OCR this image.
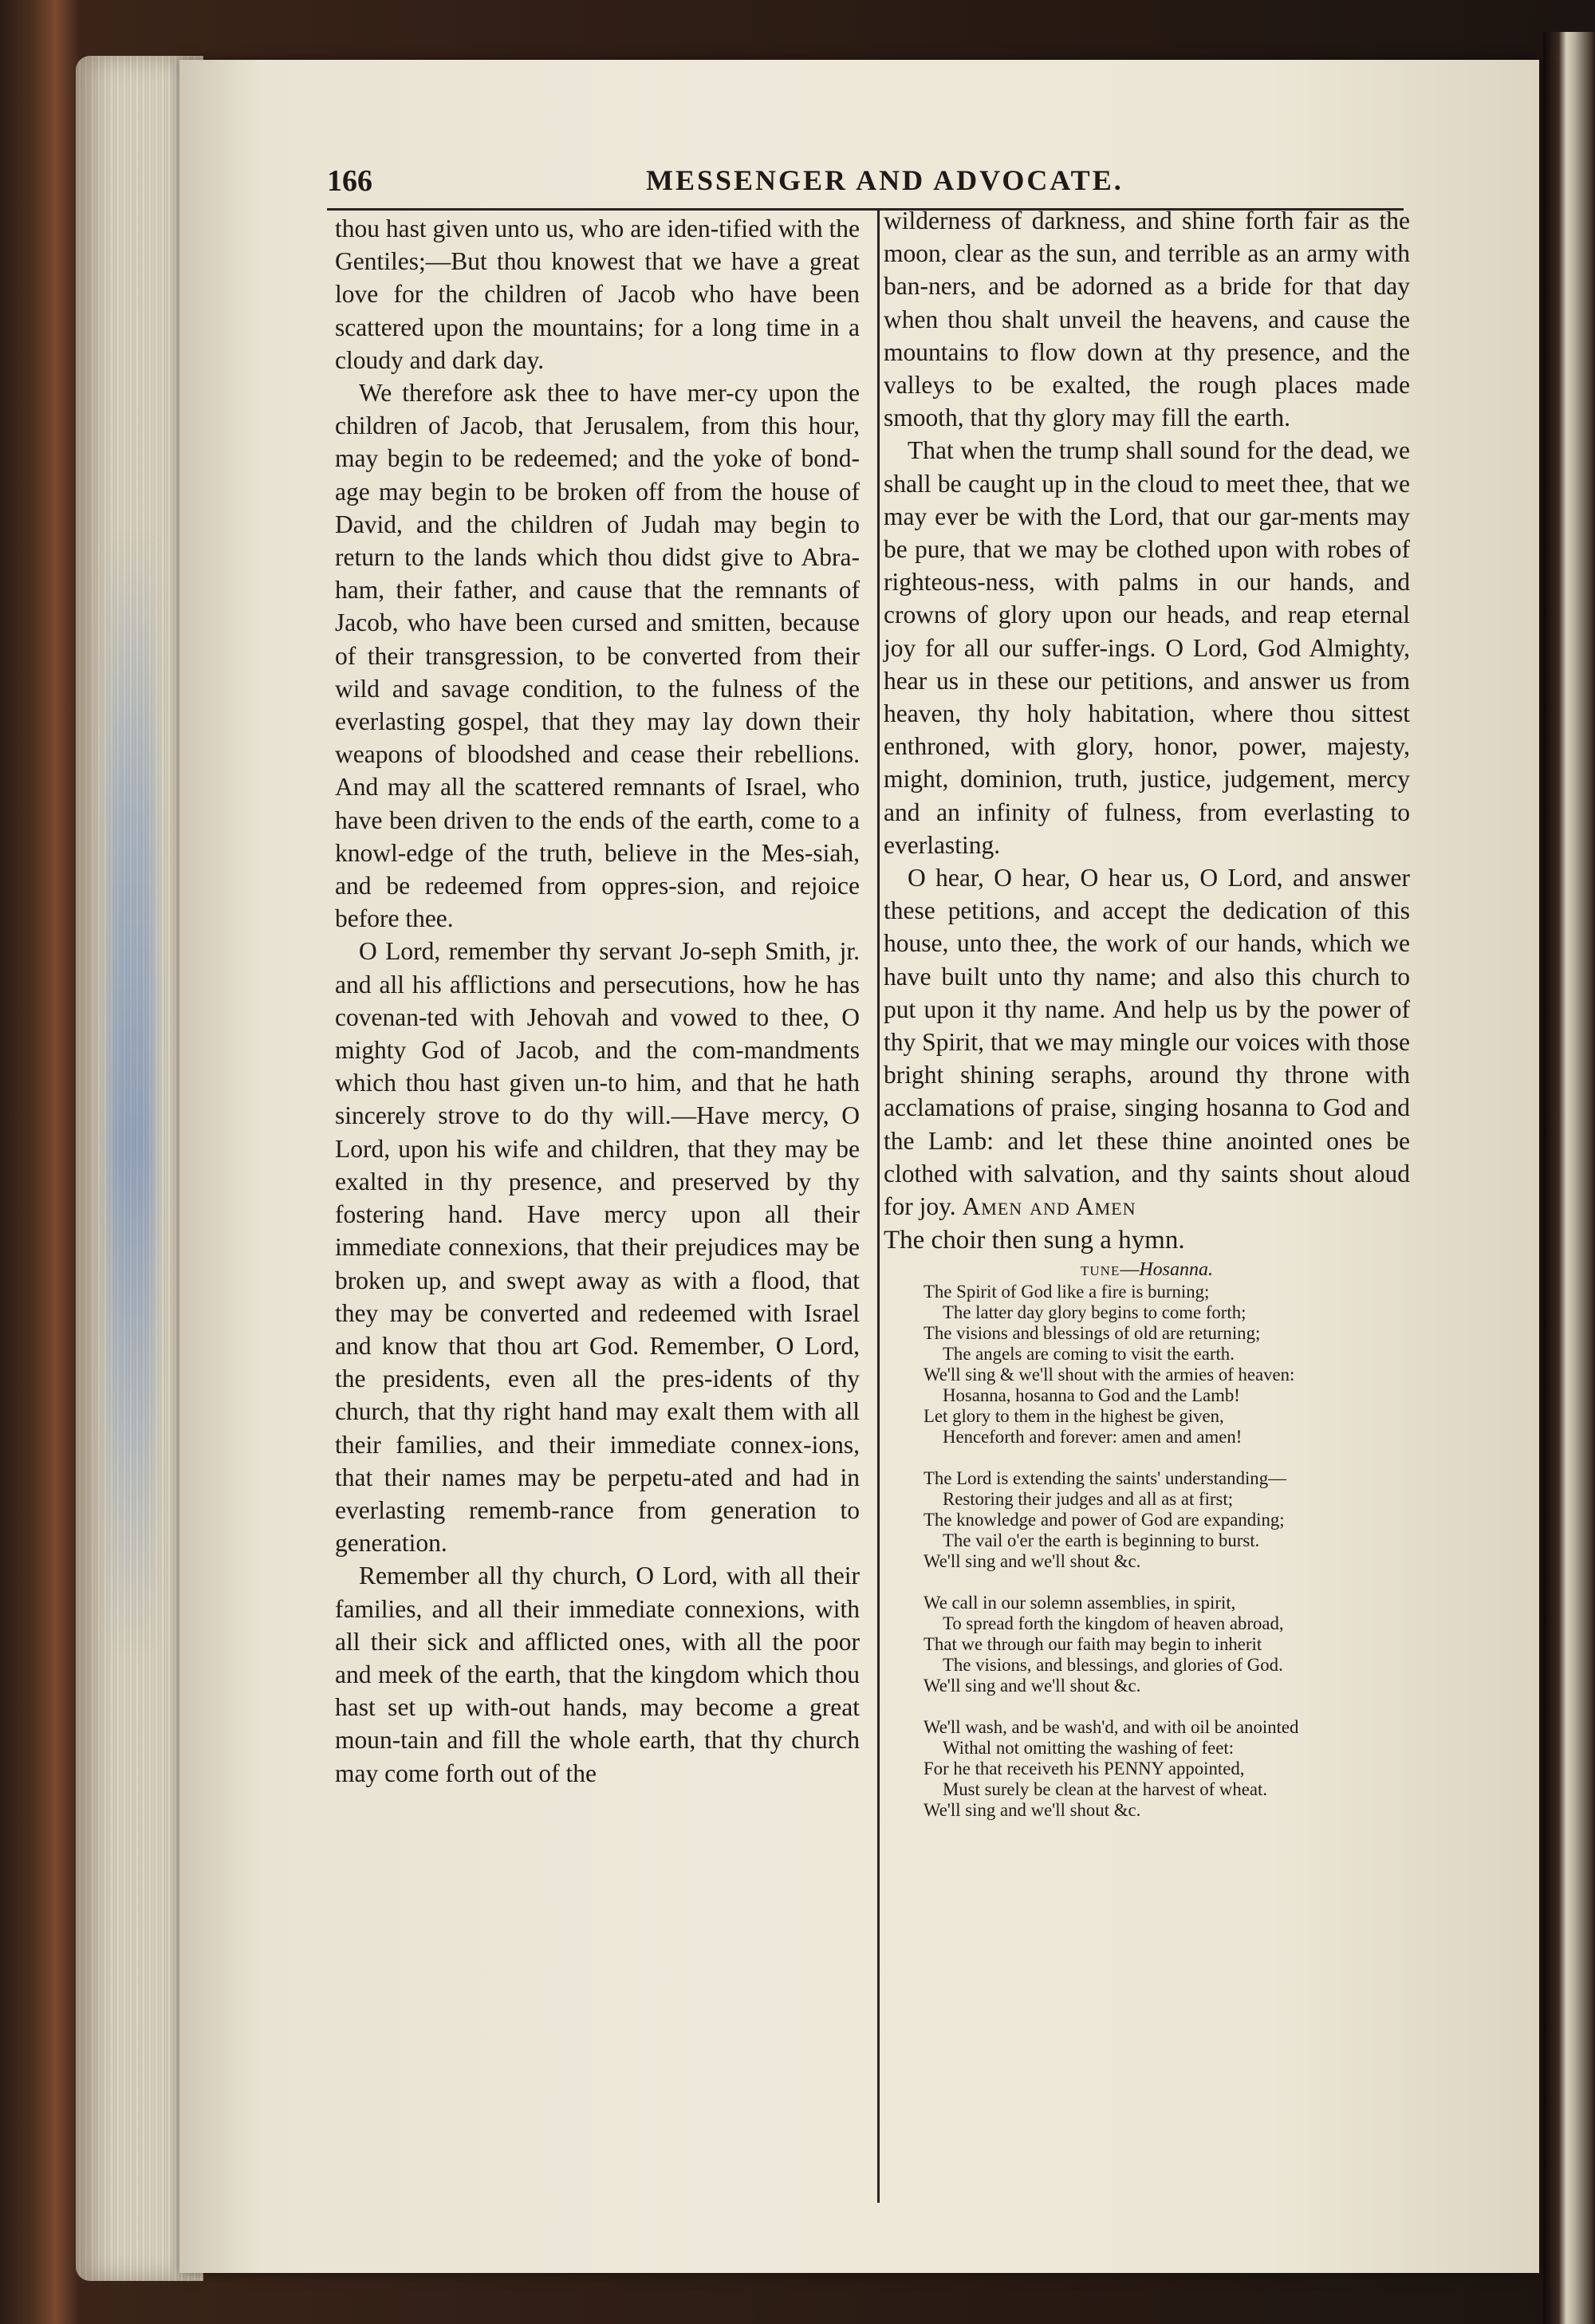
166	MESSENGER AND ADVOCATE.

thou hast given unto us, who are iden-tified with the Gentiles;—But thou knowest that we have a great love for the children of Jacob who have been scattered upon the mountains; for a long time in a cloudy and dark day.

We therefore ask thee to have mer-cy upon the children of Jacob, that Jerusalem, from this hour, may begin to be redeemed; and the yoke of bond-age may begin to be broken off from the house of David, and the children of Judah may begin to return to the lands which thou didst give to Abra-ham, their father, and cause that the remnants of Jacob, who have been cursed and smitten, because of their transgression, to be converted from their wild and savage condition, to the fulness of the everlasting gospel, that they may lay down their weapons of bloodshed and cease their rebellions. And may all the scattered remnants of Israel, who have been driven to the ends of the earth, come to a knowl-edge of the truth, believe in the Mes-siah, and be redeemed from oppres-sion, and rejoice before thee.

O Lord, remember thy servant Jo-seph Smith, jr. and all his afflictions and persecutions, how he has covenan-ted with Jehovah and vowed to thee, O mighty God of Jacob, and the com-mandments which thou hast given un-to him, and that he hath sincerely strove to do thy will.—Have mercy, O Lord, upon his wife and children, that they may be exalted in thy presence, and preserved by thy fostering hand. Have mercy upon all their immediate connexions, that their prejudices may be broken up, and swept away as with a flood, that they may be converted and redeemed with Israel and know that thou art God. Remember, O Lord, the presidents, even all the pres-idents of thy church, that thy right hand may exalt them with all their families, and their immediate connex-ions, that their names may be perpetu-ated and had in everlasting rememb-rance from generation to generation.

Remember all thy church, O Lord, with all their families, and all their immediate connexions, with all their sick and afflicted ones, with all the poor and meek of the earth, that the kingdom which thou hast set up with-out hands, may become a great moun-tain and fill the whole earth, that thy church may come forth out of the

wilderness of darkness, and shine forth fair as the moon, clear as the sun, and terrible as an army with ban-ners, and be adorned as a bride for that day when thou shalt unveil the heavens, and cause the mountains to flow down at thy presence, and the valleys to be exalted, the rough places made smooth, that thy glory may fill the earth.

That when the trump shall sound for the dead, we shall be caught up in the cloud to meet thee, that we may ever be with the Lord, that our gar-ments may be pure, that we may be clothed upon with robes of righteous-ness, with palms in our hands, and crowns of glory upon our heads, and reap eternal joy for all our suffer-ings. O Lord, God Almighty, hear us in these our petitions, and answer us from heaven, thy holy habitation, where thou sittest enthroned, with glory, honor, power, majesty, might, dominion, truth, justice, judgement, mercy and an infinity of fulness, from everlasting to everlasting.

O hear, O hear, O hear us, O Lord, and answer these petitions, and accept the dedication of this house, unto thee, the work of our hands, which we have built unto thy name; and also this church to put upon it thy name. And help us by the power of thy Spirit, that we may mingle our voices with those bright shining seraphs, around thy throne with acclamations of praise, singing hosanna to God and the Lamb: and let these thine anointed ones be clothed with salvation, and thy saints shout aloud for joy. Amen and Amen

The choir then sung a hymn.

tune—Hosanna.

The Spirit of God like a fire is burning;
The latter day glory begins to come forth;
The visions and blessings of old are returning;
The angels are coming to visit the earth.
We'll sing & we'll shout with the armies of heaven:
Hosanna, hosanna to God and the Lamb!
Let glory to them in the highest be given,
Henceforth and forever: amen and amen!
The Lord is extending the saints' understanding—
Restoring their judges and all as at first;
The knowledge and power of God are expanding;
The vail o'er the earth is beginning to burst.
We'll sing and we'll shout &c.
We call in our solemn assemblies, in spirit,
To spread forth the kingdom of heaven abroad,
That we through our faith may begin to inherit
The visions, and blessings, and glories of God.
We'll sing and we'll shout &c.
We'll wash, and be wash'd, and with oil be anointed
Withal not omitting the washing of feet:
For he that receiveth his PENNY appointed,
Must surely be clean at the harvest of wheat.
We'll sing and we'll shout &c.
